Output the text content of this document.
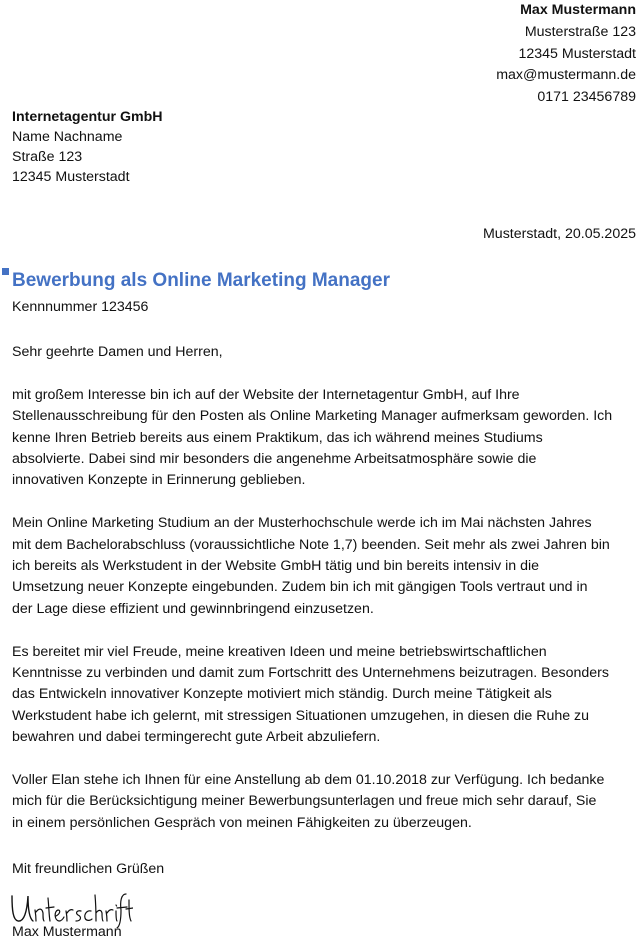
Max Mustermann
Musterstraße 123
12345 Musterstadt
max@mustermann.de
0171 23456789
Internetagentur GmbH
Name Nachname
Straße 123
12345 Musterstadt
Musterstadt, 20.05.2025
Bewerbung als Online Marketing Manager
Kennnummer 123456

Sehr geehrte Damen und Herren,

mit großem Interesse bin ich auf der Website der Internetagentur GmbH, auf Ihre
Stellenausschreibung für den Posten als Online Marketing Manager aufmerksam geworden. Ich
kenne Ihren Betrieb bereits aus einem Praktikum, das ich während meines Studiums
absolvierte. Dabei sind mir besonders die angenehme Arbeitsatmosphäre sowie die
innovativen Konzepte in Erinnerung geblieben.

Mein Online Marketing Studium an der Musterhochschule werde ich im Mai nächsten Jahres
mit dem Bachelorabschluss (voraussichtliche Note 1,7) beenden. Seit mehr als zwei Jahren bin
ich bereits als Werkstudent in der Website GmbH tätig und bin bereits intensiv in die
Umsetzung neuer Konzepte eingebunden. Zudem bin ich mit gängigen Tools vertraut und in
der Lage diese effizient und gewinnbringend einzusetzen.

Es bereitet mir viel Freude, meine kreativen Ideen und meine betriebswirtschaftlichen
Kenntnisse zu verbinden und damit zum Fortschritt des Unternehmens beizutragen. Besonders
das Entwickeln innovativer Konzepte motiviert mich ständig. Durch meine Tätigkeit als
Werkstudent habe ich gelernt, mit stressigen Situationen umzugehen, in diesen die Ruhe zu
bewahren und dabei termingerecht gute Arbeit abzuliefern.

Voller Elan stehe ich Ihnen für eine Anstellung ab dem 01.10.2018 zur Verfügung. Ich bedanke
mich für die Berücksichtigung meiner Bewerbungsunterlagen und freue mich sehr darauf, Sie
in einem persönlichen Gespräch von meinen Fähigkeiten zu überzeugen.

Mit freundlichen Grüßen
Max Mustermann
